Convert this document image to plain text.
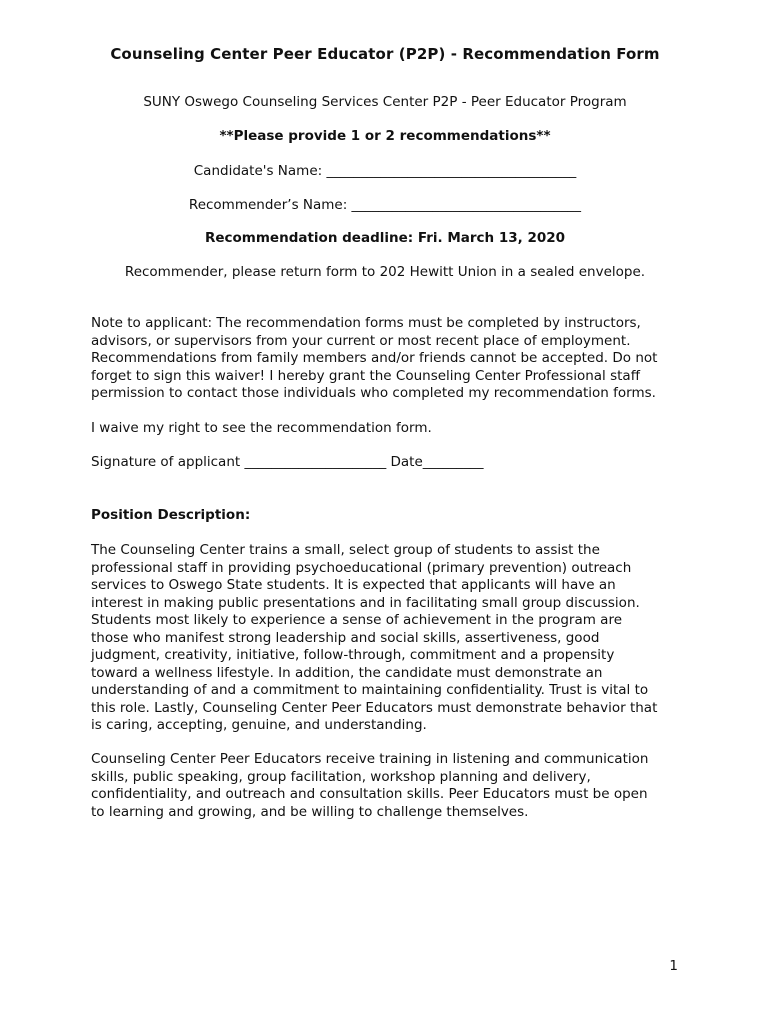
Counseling Center Peer Educator (P2P) - Recommendation Form
SUNY Oswego Counseling Services Center P2P - Peer Educator Program
**Please provide 1 or 2 recommendations**
Candidate's Name: _____________________________________
Recommender’s Name: __________________________________
Recommendation deadline: Fri. March 13, 2020
Recommender, please return form to 202 Hewitt Union in a sealed envelope.

Note to applicant: The recommendation forms must be completed by instructors,

advisors, or supervisors from your current or most recent place of employment.

Recommendations from family members and/or friends cannot be accepted. Do not

forget to sign this waiver! I hereby grant the Counseling Center Professional staff

permission to contact those individuals who completed my recommendation forms.

I waive my right to see the recommendation form.

Signature of applicant _____________________ Date_________

Position Description:

The Counseling Center trains a small, select group of students to assist the

professional staff in providing psychoeducational (primary prevention) outreach

services to Oswego State students. It is expected that applicants will have an

interest in making public presentations and in facilitating small group discussion.

Students most likely to experience a sense of achievement in the program are

those who manifest strong leadership and social skills, assertiveness, good

judgment, creativity, initiative, follow-through, commitment and a propensity

toward a wellness lifestyle. In addition, the candidate must demonstrate an

understanding of and a commitment to maintaining confidentiality. Trust is vital to

this role. Lastly, Counseling Center Peer Educators must demonstrate behavior that

is caring, accepting, genuine, and understanding.

Counseling Center Peer Educators receive training in listening and communication

skills, public speaking, group facilitation, workshop planning and delivery,

confidentiality, and outreach and consultation skills. Peer Educators must be open

to learning and growing, and be willing to challenge themselves.

1
